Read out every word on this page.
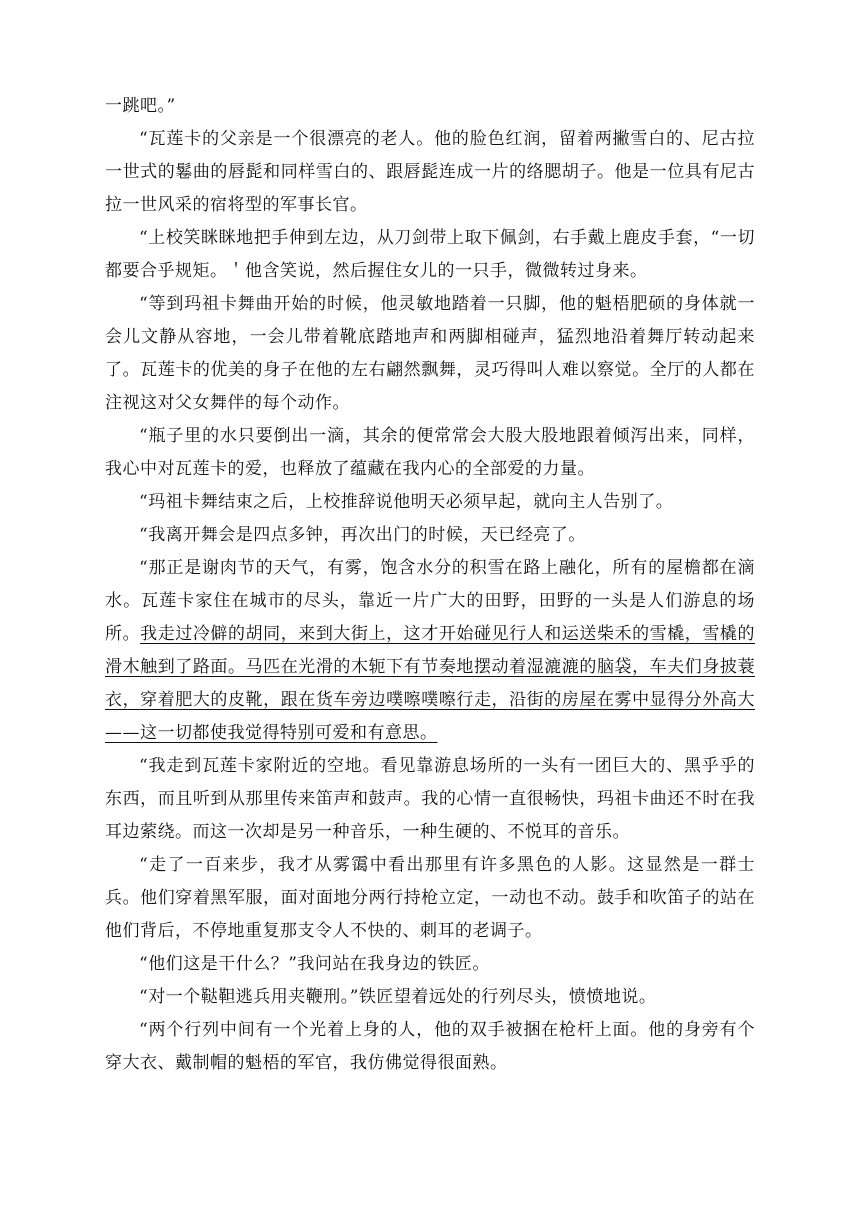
一跳吧。”

“瓦莲卡的父亲是一个很漂亮的老人。他的脸色红润，留着两撇雪白的、尼古拉一世式的鬈曲的唇髭和同样雪白的、跟唇髭连成一片的络腮胡子。他是一位具有尼古拉一世风采的宿将型的军事长官。

“上校笑眯眯地把手伸到左边，从刀剑带上取下佩剑，右手戴上鹿皮手套，“一切都要合乎规矩。＇他含笑说，然后握住女儿的一只手，微微转过身来。

“等到玛祖卡舞曲开始的时候，他灵敏地踏着一只脚，他的魁梧肥硕的身体就一会儿文静从容地，一会儿带着靴底踏地声和两脚相碰声，猛烈地沿着舞厅转动起来了。瓦莲卡的优美的身子在他的左右翩然飘舞，灵巧得叫人难以察觉。全厅的人都在注视这对父女舞伴的每个动作。

“瓶子里的水只要倒出一滴，其余的便常常会大股大股地跟着倾泻出来，同样，我心中对瓦莲卡的爱，也释放了蕴藏在我内心的全部爱的力量。

“玛祖卡舞结束之后，上校推辞说他明天必须早起，就向主人告别了。

“我离开舞会是四点多钟，再次出门的时候，天已经亮了。

“那正是谢肉节的天气，有雾，饱含水分的积雪在路上融化，所有的屋檐都在滴水。瓦莲卡家住在城市的尽头，靠近一片广大的田野，田野的一头是人们游息的场所。我走过冷僻的胡同，来到大街上，这才开始碰见行人和运送柴禾的雪橇，雪橇的滑木触到了路面。马匹在光滑的木轭下有节奏地摆动着湿漉漉的脑袋，车夫们身披蓑衣，穿着肥大的皮靴，跟在货车旁边噗嚓噗嚓行走，沿街的房屋在雾中显得分外高大——这一切都使我觉得特别可爱和有意思。

“我走到瓦莲卡家附近的空地。看见靠游息场所的一头有一团巨大的、黑乎乎的东西，而且听到从那里传来笛声和鼓声。我的心情一直很畅快，玛祖卡曲还不时在我耳边萦绕。而这一次却是另一种音乐，一种生硬的、不悦耳的音乐。

“走了一百来步，我才从雾霭中看出那里有许多黑色的人影。这显然是一群士兵。他们穿着黑军服，面对面地分两行持枪立定，一动也不动。鼓手和吹笛子的站在他们背后，不停地重复那支令人不快的、刺耳的老调子。

“他们这是干什么？”我问站在我身边的铁匠。

“对一个鞑靼逃兵用夹鞭刑。”铁匠望着远处的行列尽头，愤愤地说。

“两个行列中间有一个光着上身的人，他的双手被捆在枪杆上面。他的身旁有个穿大衣、戴制帽的魁梧的军官，我仿佛觉得很面熟。
